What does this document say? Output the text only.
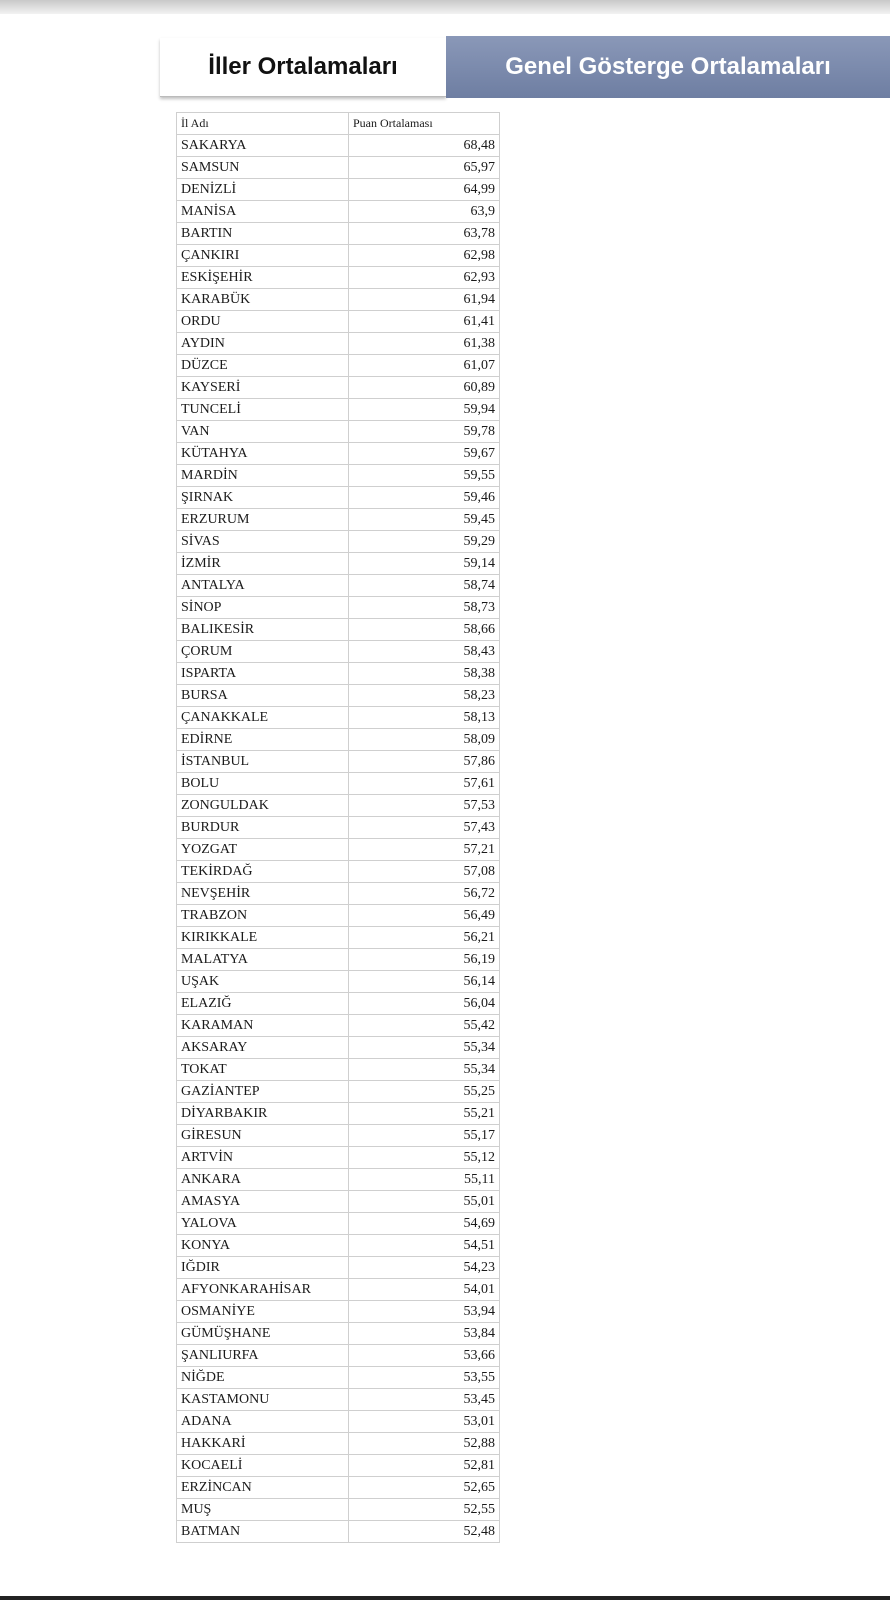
İller Ortalamaları	Genel Gösterge Ortalamaları
İl Adı	Puan Ortalaması
SAKARYA	68,48
SAMSUN	65,97
DENİZLİ	64,99
MANİSA	63,9
BARTIN	63,78
ÇANKIRI	62,98
ESKİŞEHİR	62,93
KARABÜK	61,94
ORDU	61,41
AYDIN	61,38
DÜZCE	61,07
KAYSERİ	60,89
TUNCELİ	59,94
VAN	59,78
KÜTAHYA	59,67
MARDİN	59,55
ŞIRNAK	59,46
ERZURUM	59,45
SİVAS	59,29
İZMİR	59,14
ANTALYA	58,74
SİNOP	58,73
BALIKESİR	58,66
ÇORUM	58,43
ISPARTA	58,38
BURSA	58,23
ÇANAKKALE	58,13
EDİRNE	58,09
İSTANBUL	57,86
BOLU	57,61
ZONGULDAK	57,53
BURDUR	57,43
YOZGAT	57,21
TEKİRDAĞ	57,08
NEVŞEHİR	56,72
TRABZON	56,49
KIRIKKALE	56,21
MALATYA	56,19
UŞAK	56,14
ELAZIĞ	56,04
KARAMAN	55,42
AKSARAY	55,34
TOKAT	55,34
GAZİANTEP	55,25
DİYARBAKIR	55,21
GİRESUN	55,17
ARTVİN	55,12
ANKARA	55,11
AMASYA	55,01
YALOVA	54,69
KONYA	54,51
IĞDIR	54,23
AFYONKARAHİSAR	54,01
OSMANİYE	53,94
GÜMÜŞHANE	53,84
ŞANLIURFA	53,66
NİĞDE	53,55
KASTAMONU	53,45
ADANA	53,01
HAKKARİ	52,88
KOCAELİ	52,81
ERZİNCAN	52,65
MUŞ	52,55
BATMAN	52,48
